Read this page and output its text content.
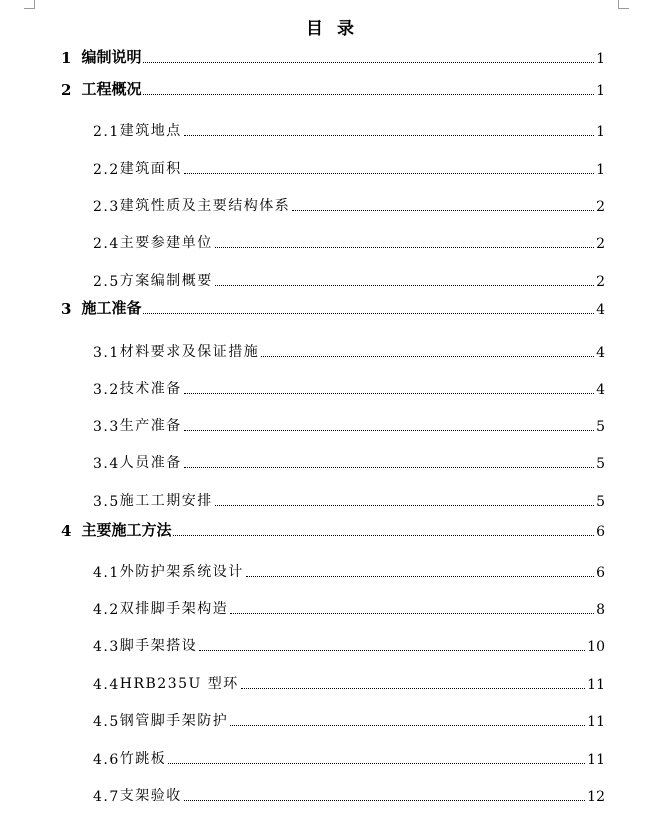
目录
1 编制说明	1
2 工程概况	1
2.1 建筑地点	1
2.2 建筑面积	1
2.3 建筑性质及主要结构体系	2
2.4 主要参建单位	2
2.5 方案编制概要	2
3 施工准备	4
3.1 材料要求及保证措施	4
3.2 技术准备	4
3.3 生产准备	5
3.4 人员准备	5
3.5 施工工期安排	5
4 主要施工方法	6
4.1 外防护架系统设计	6
4.2 双排脚手架构造	8
4.3 脚手架搭设	10
4.4 HRB235U 型环	11
4.5 钢管脚手架防护	11
4.6 竹跳板	11
4.7 支架验收	12
